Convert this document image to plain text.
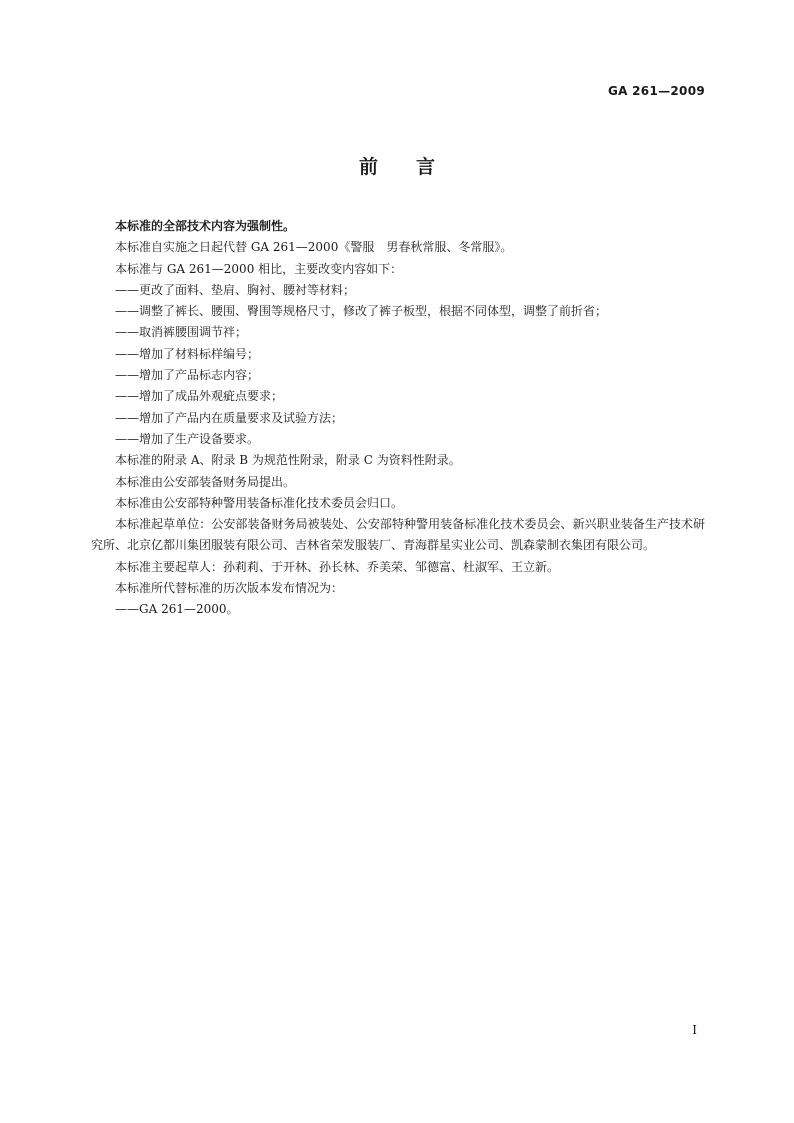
GA 261—2009
前言

本标准的全部技术内容为强制性。

本标准自实施之日起代替 GA 261—2000《警服　男春秋常服、冬常服》。

本标准与 GA 261—2000 相比，主要改变内容如下：

——更改了面料、垫肩、胸衬、腰衬等材料；

——调整了裤长、腰围、臀围等规格尺寸，修改了裤子板型，根据不同体型，调整了前折省；

——取消裤腰围调节袢；

——增加了材料标样编号；

——增加了产品标志内容；

——增加了成品外观疵点要求；

——增加了产品内在质量要求及试验方法；

——增加了生产设备要求。

本标准的附录 A、附录 B 为规范性附录，附录 C 为资料性附录。

本标准由公安部装备财务局提出。

本标准由公安部特种警用装备标准化技术委员会归口。

本标准起草单位：公安部装备财务局被装处、公安部特种警用装备标准化技术委员会、新兴职业装备生产技术研究所、北京亿都川集团服装有限公司、吉林省荣发服装厂、青海群星实业公司、凯森蒙制衣集团有限公司。

本标准主要起草人：孙莉莉、于开林、孙长林、乔美荣、邹德富、杜淑军、王立新。

本标准所代替标准的历次版本发布情况为：

——GA 261—2000。

I
